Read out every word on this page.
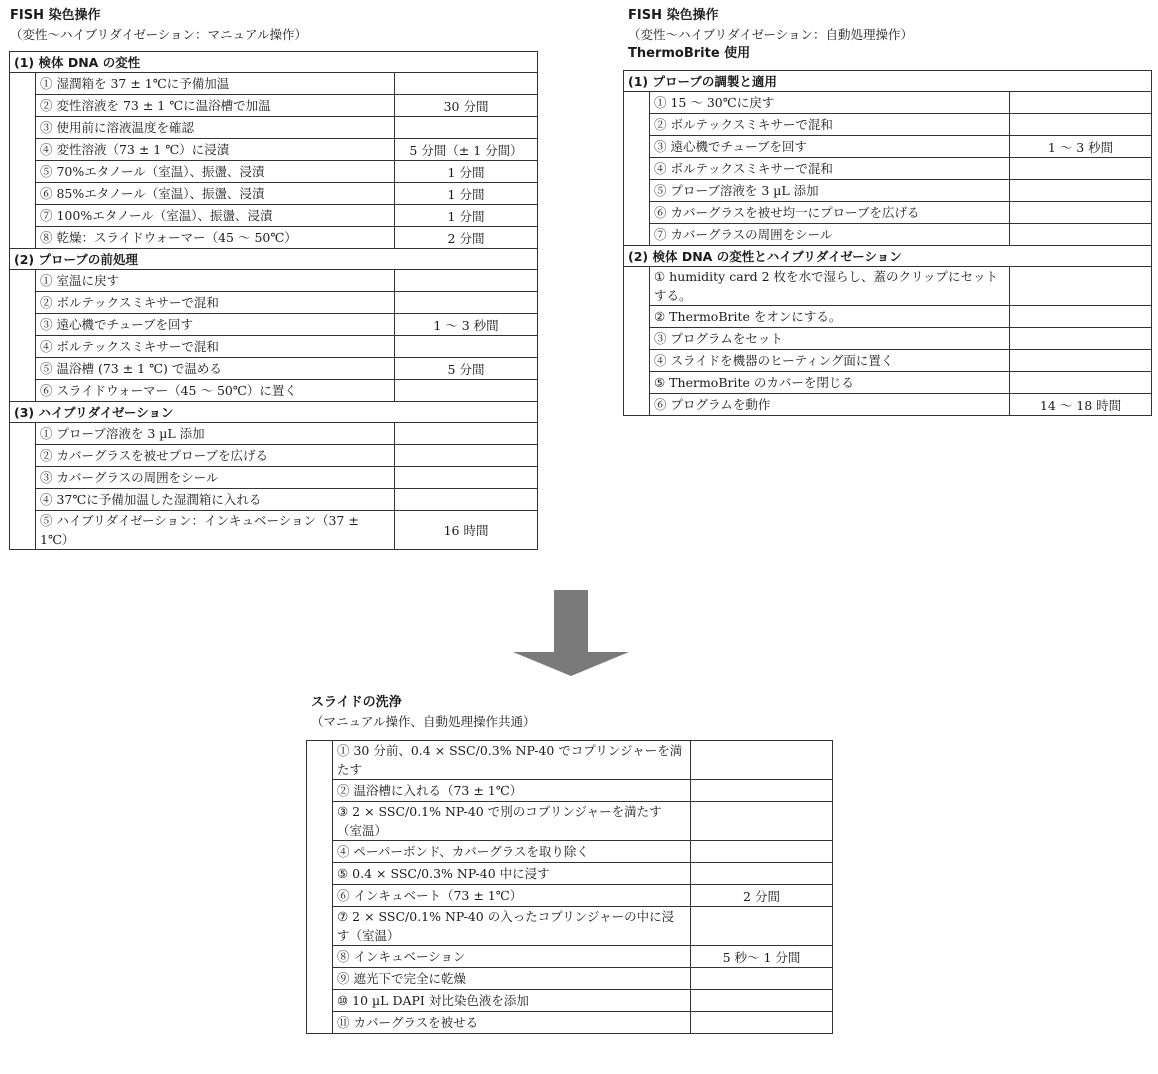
FISH 染色操作
（変性〜ハイブリダイゼーション：マニュアル操作）
(1) 検体 DNA の変性		
	① 湿潤箱を 37 ± 1℃に予備加温	
	② 変性溶液を 73 ± 1 ℃に温浴槽で加温	30 分間
	③ 使用前に溶液温度を確認	
	④ 変性溶液（73 ± 1 ℃）に浸漬	5 分間（± 1 分間）
	⑤ 70%エタノール（室温）、振盪、浸漬	1 分間
	⑥ 85%エタノール（室温）、振盪、浸漬	1 分間
	⑦ 100%エタノール（室温）、振盪、浸漬	1 分間
	⑧ 乾燥：スライドウォーマー（45 〜 50℃）	2 分間
(2) プローブの前処理		
	① 室温に戻す	
	② ボルテックスミキサーで混和	
	③ 遠心機でチューブを回す	1 〜 3 秒間
	④ ボルテックスミキサーで混和	
	⑤ 温浴槽 (73 ± 1 ℃) で温める	5 分間
	⑥ スライドウォーマー（45 〜 50℃）に置く	
(3) ハイブリダイゼーション		
	① プローブ溶液を 3 µL 添加	
	② カバーグラスを被せプローブを広げる	
	③ カバーグラスの周囲をシール	
	④ 37℃に予備加温した湿潤箱に入れる	
	⑤ ハイブリダイゼーション：インキュベーション（37 ± 1℃）	16 時間
FISH 染色操作
（変性〜ハイブリダイゼーション：自動処理操作）
ThermoBrite 使用
(1) プローブの調製と適用		
	① 15 〜 30℃に戻す	
	② ボルテックスミキサーで混和	
	③ 遠心機でチューブを回す	1 〜 3 秒間
	④ ボルテックスミキサーで混和	
	⑤ プローブ溶液を 3 µL 添加	
	⑥ カバーグラスを被せ均一にプローブを広げる	
	⑦ カバーグラスの周囲をシール	
(2) 検体 DNA の変性とハイブリダイゼーション		
	① humidity card 2 枚を水で湿らし、蓋のクリップにセットする。	
	② ThermoBrite をオンにする。	
	③ プログラムをセット	
	④ スライドを機器のヒーティング面に置く	
	⑤ ThermoBrite のカバーを閉じる	
	⑥ プログラムを動作	14 〜 18 時間
スライドの洗浄
（マニュアル操作、自動処理操作共通）
	① 30 分前、0.4 × SSC/0.3% NP-40 でコプリンジャーを満たす	
	② 温浴槽に入れる（73 ± 1℃）	
	③ 2 × SSC/0.1% NP-40 で別のコプリンジャーを満たす（室温）	
	④ ペーパーボンド、カバーグラスを取り除く	
	⑤ 0.4 × SSC/0.3% NP-40 中に浸す	
	⑥ インキュベート（73 ± 1℃）	2 分間
	⑦ 2 × SSC/0.1% NP-40 の入ったコプリンジャーの中に浸す（室温）	
	⑧ インキュベーション	5 秒〜 1 分間
	⑨ 遮光下で完全に乾燥	
	⑩ 10 µL DAPI 対比染色液を添加	
	⑪ カバーグラスを被せる	
